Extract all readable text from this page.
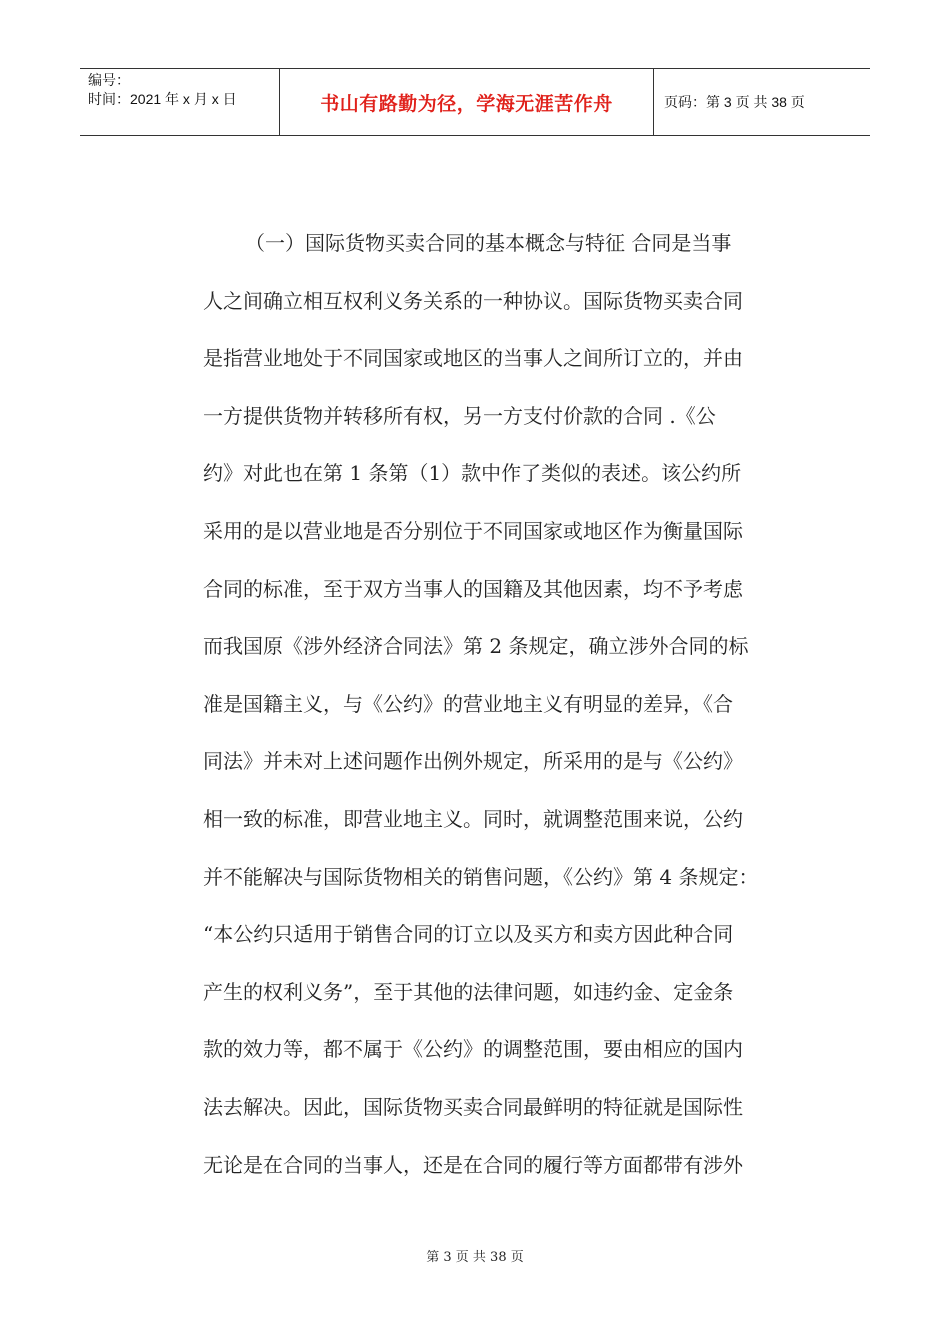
编号：
时间：2021 年 x 月 x 日	书山有路勤为径，学海无涯苦作舟	页码：第 3 页 共 38 页
（一）国际货物买卖合同的基本概念与特征 合同是当事
人之间确立相互权利义务关系的一种协议。国际货物买卖合同
是指营业地处于不同国家或地区的当事人之间所订立的，并由
一方提供货物并转移所有权，另一方支付价款的合同 .《公
约》对此也在第 1 条第（1）款中作了类似的表述。该公约所
采用的是以营业地是否分别位于不同国家或地区作为衡量国际
合同的标准，至于双方当事人的国籍及其他因素，均不予考虑
而我国原《涉外经济合同法》第 2 条规定，确立涉外合同的标
准是国籍主义，与《公约》的营业地主义有明显的差异，《合
同法》并未对上述问题作出例外规定，所采用的是与《公约》
相一致的标准，即营业地主义。同时，就调整范围来说，公约
并不能解决与国际货物相关的销售问题，《公约》第 4 条规定：
“本公约只适用于销售合同的订立以及买方和卖方因此种合同
产生的权利义务”，至于其他的法律问题，如违约金、定金条
款的效力等，都不属于《公约》的调整范围，要由相应的国内
法去解决。因此，国际货物买卖合同最鲜明的特征就是国际性
无论是在合同的当事人，还是在合同的履行等方面都带有涉外
第 3 页 共 38 页
